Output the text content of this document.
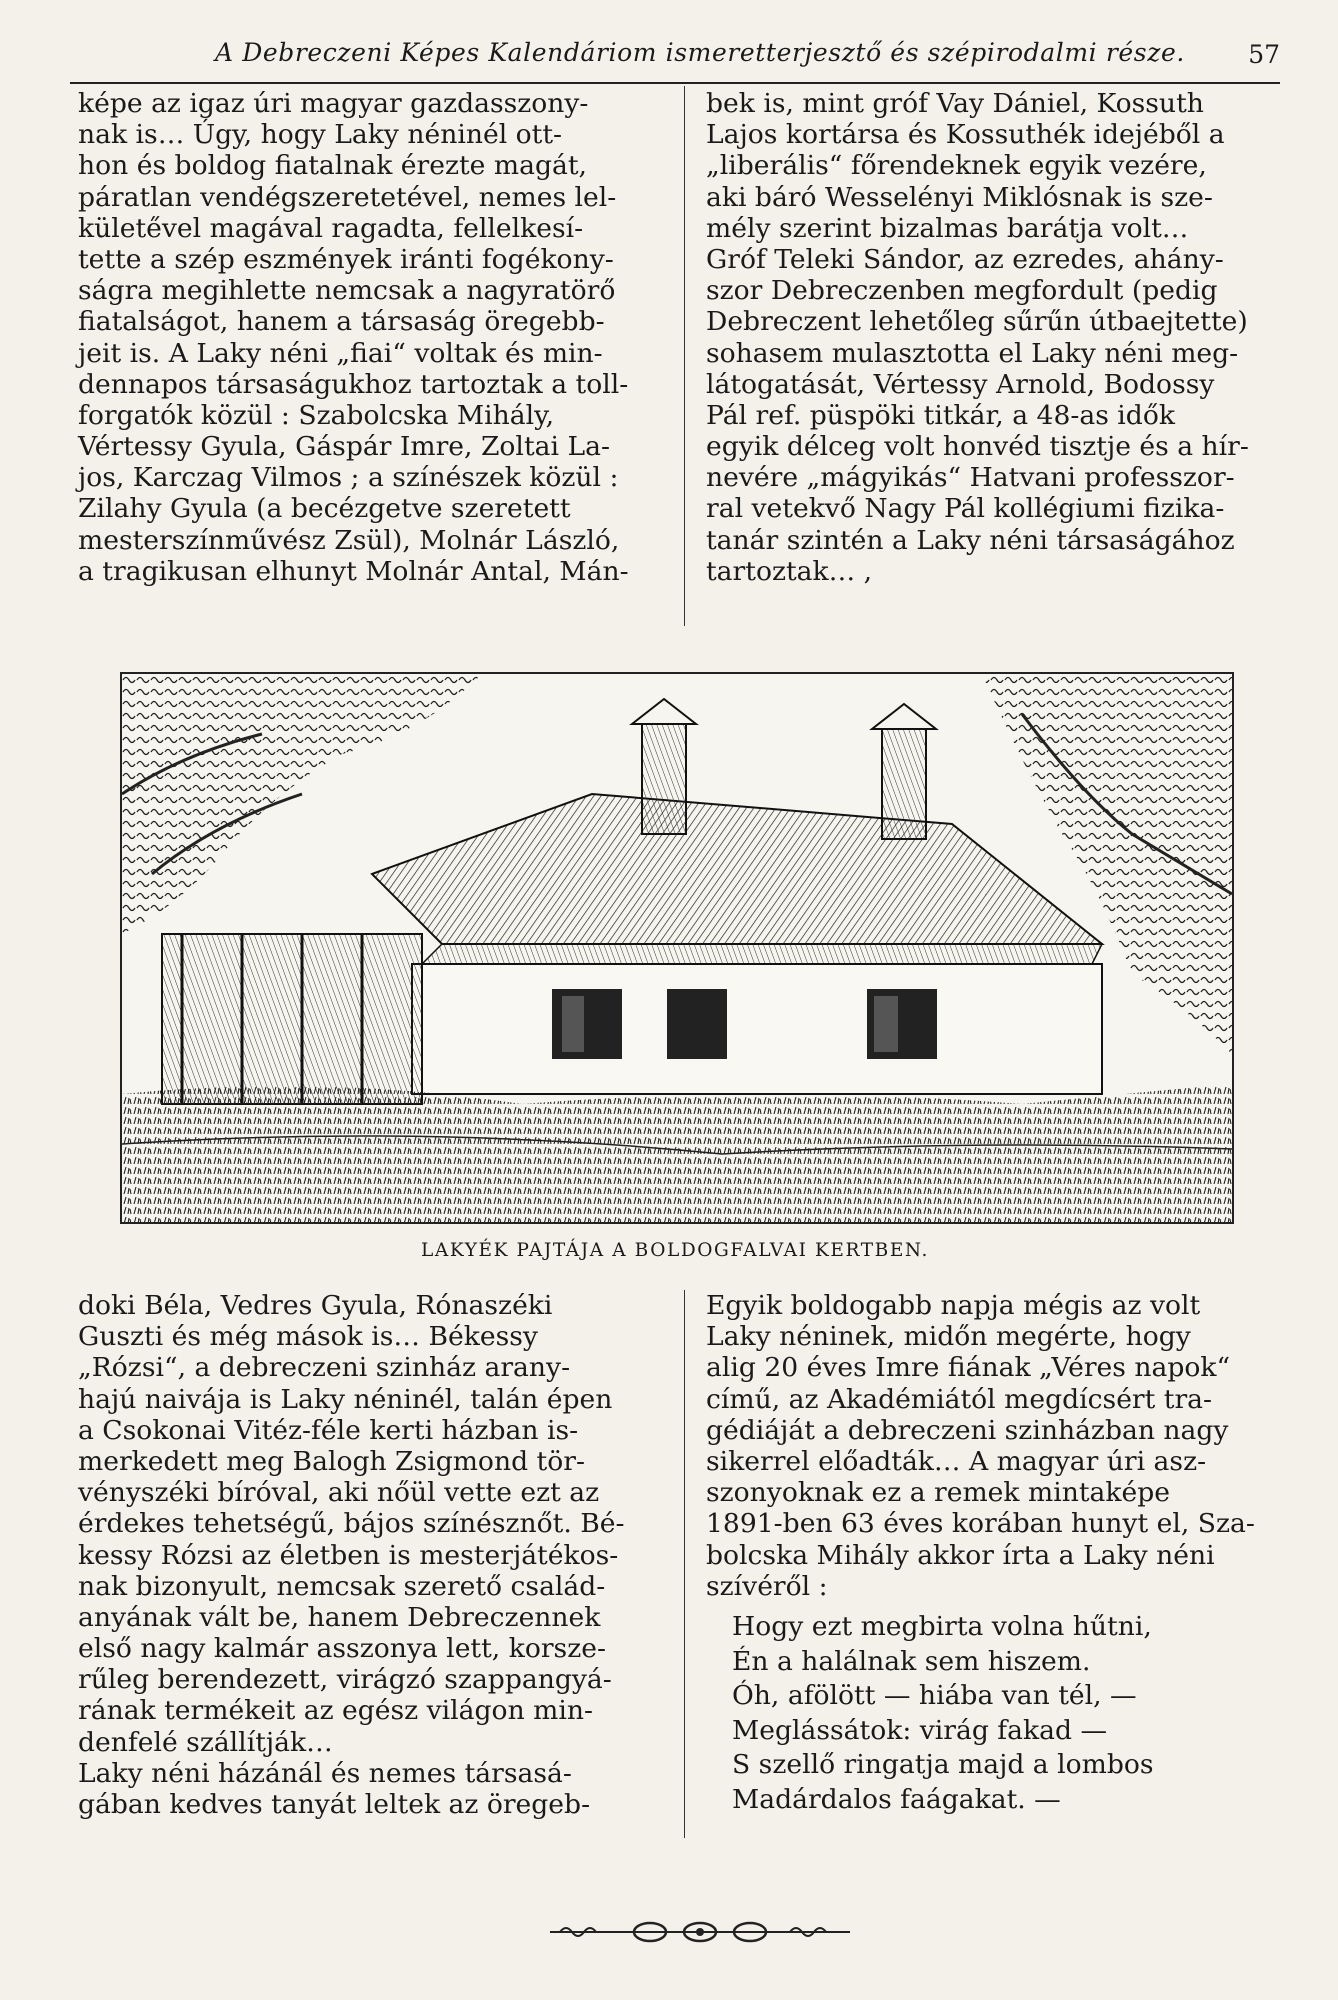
A Debreczeni Képes Kalendáriom ismeretterjesztő és szépirodalmi része.	57
képe az igaz úri magyar gazdasszony-
nak is… Úgy, hogy Laky néninél ott-
hon és boldog fiatalnak érezte magát,
páratlan vendégszeretetével, nemes lel-
külete̋vel magával ragadta, fellelkesí-
tette a szép eszmények iránti fogékony-
ságra megihlette nemcsak a nagyratörő
fiatalságot, hanem a társaság öregebb-
jeit is. A Laky néni „fiai“ voltak és min-
dennapos társaságukhoz tartoztak a toll-
forgatók közül : Szabolcska Mihály,
Vértessy Gyula, Gáspár Imre, Zoltai La-
jos, Karczag Vilmos ; a színészek közül :
Zilahy Gyula (a becézgetve szeretett
mesterszínművész Zsül), Molnár László,
a tragikusan elhunyt Molnár Antal, Mán-
bek is, mint gróf Vay Dániel, Kossuth
Lajos kortársa és Kossuthék idejéből a
„liberális“ főrendeknek egyik vezére,
aki báró Wesselényi Miklósnak is sze-
mély szerint bizalmas barátja volt…
Gróf Teleki Sándor, az ezredes, ahány-
szor Debreczenben megfordult (pedig
Debreczent lehetőleg sűrűn útbaejtette)
sohasem mulasztotta el Laky néni meg-
látogatását, Vértessy Arnold, Bodossy
Pál ref. püspöki titkár, a 48-as idők
egyik délceg volt honvéd tisztje és a hír-
nevére „mágyikás“ Hatvani professzor-
ral vetekvő Nagy Pál kollégiumi fizika-
tanár szintén a Laky néni társaságához
tartoztak… ,
LAKYÉK PAJTÁJA A BOLDOGFALVAI KERTBEN.
doki Béla, Vedres Gyula, Rónaszéki
Guszti és még mások is… Békessy
„Rózsi“, a debreczeni szinház arany-
hajú naivája is Laky néninél, talán épen
a Csokonai Vitéz-féle kerti házban is-
merkedett meg Balogh Zsigmond tör-
vényszéki bíróval, aki nőül vette ezt az
érdekes tehetségű, bájos színésznőt. Bé-
kessy Rózsi az életben is mesterjátékos-
nak bizonyult, nemcsak szerető család-
anyának vált be, hanem Debreczennek
első nagy kalmár asszonya lett, korsze-
rűleg berendezett, virágzó szappangyá-
rának termékeit az egész világon min-
denfelé szállítják…
Laky néni házánál és nemes társasá-
gában kedves tanyát leltek az öregeb-
Egyik boldogabb napja mégis az volt
Laky néninek, midőn megérte, hogy
alig 20 éves Imre fiának „Véres napok“
című, az Akadémiától megdícsért tra-
gédiáját a debreczeni szinházban nagy
sikerrel előadták… A magyar úri asz-
szonyoknak ez a remek mintaképe
1891-ben 63 éves korában hunyt el, Sza-
bolcska Mihály akkor írta a Laky néni
szívéről :
Hogy ezt megbirta volna hűtni,
Én a halálnak sem hiszem.
Óh, afölött — hiába van tél, —
Meglássátok: virág fakad —
S szellő ringatja majd a lombos
Madárdalos faágakat. —
